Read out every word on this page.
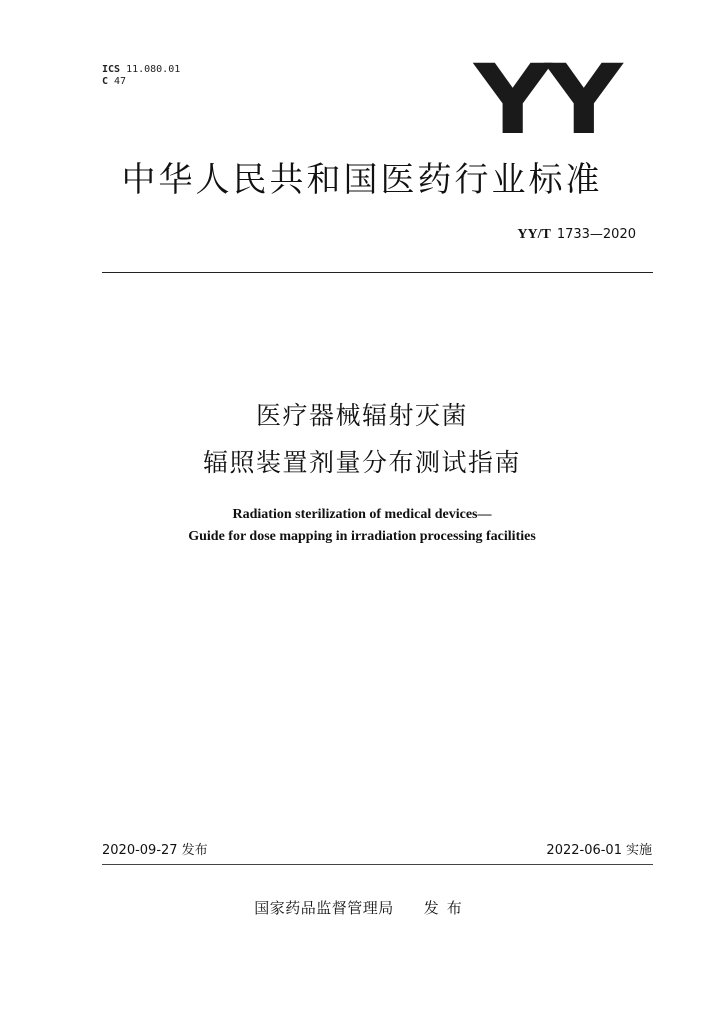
ICS 11.080.01
C 47	YY
中华人民共和国医药行业标准
YY/T 1733—2020
医疗器械辐射灭菌
辐照装置剂量分布测试指南
Radiation sterilization of medical devices—
Guide for dose mapping in irradiation processing facilities
2020-09-27 发布	2022-06-01 实施
国家药品监督管理局 发布
